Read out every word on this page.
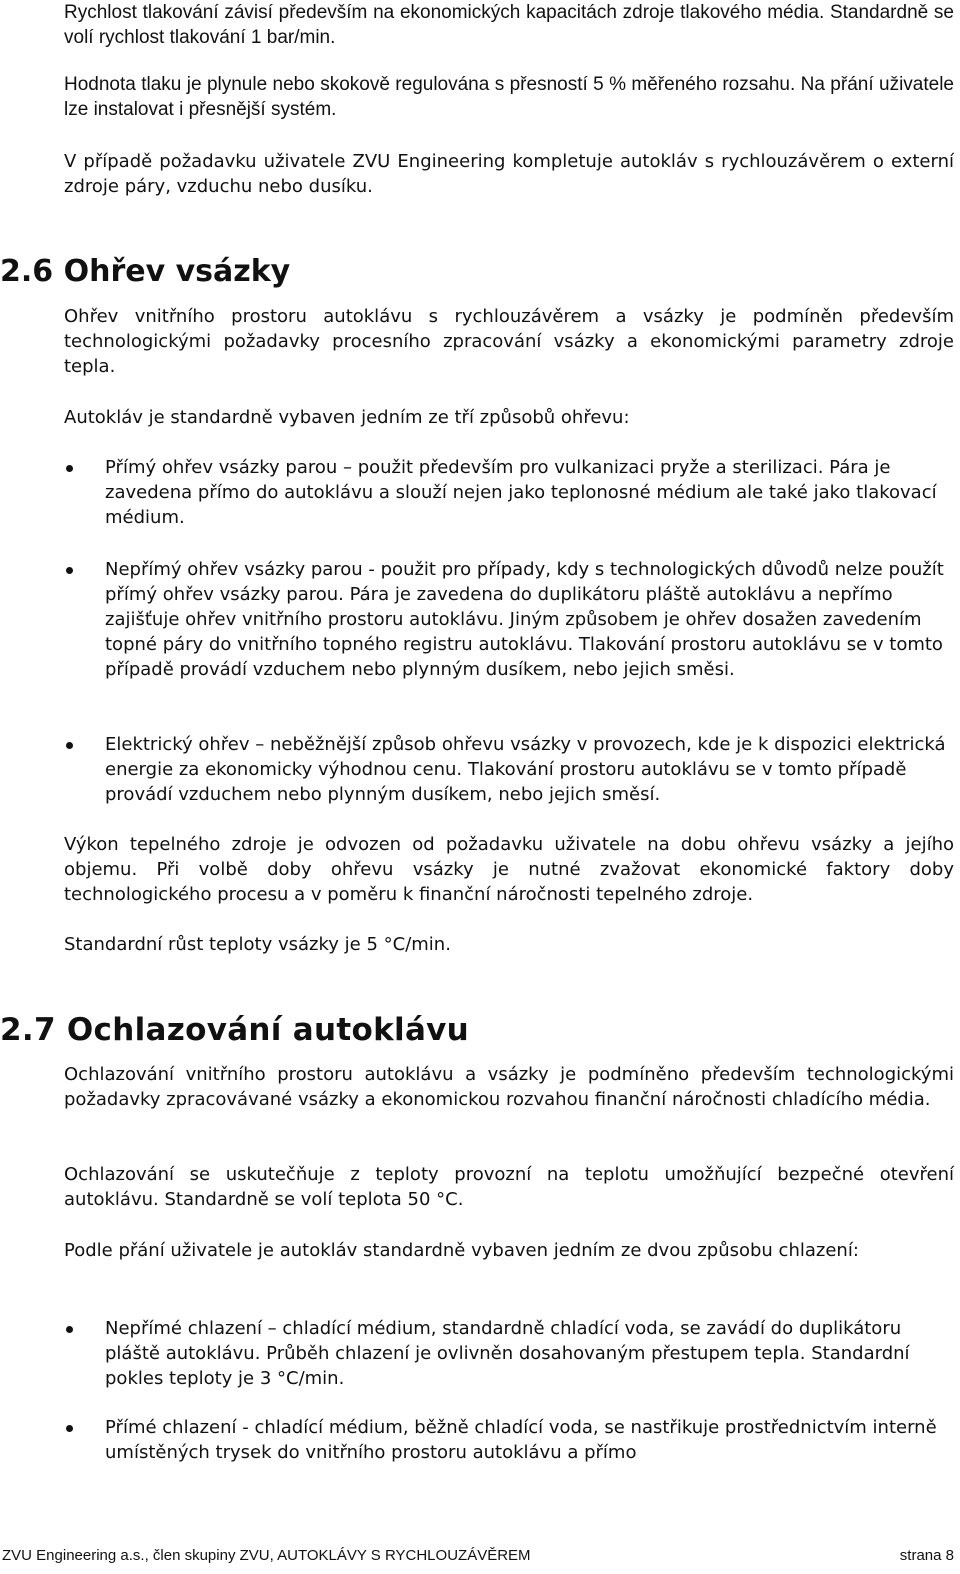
Rychlost tlakování závisí především na ekonomických kapacitách zdroje tlakového média. Standardně se volí rychlost tlakování 1 bar/min.

Hodnota tlaku je plynule nebo skokově regulována s přesností 5 % měřeného rozsahu. Na přání uživatele lze instalovat i přesnější systém.

V případě požadavku uživatele ZVU Engineering kompletuje autokláv s rychlouzávěrem o externí zdroje páry, vzduchu nebo dusíku.

2.6 Ohřev vsázky

Ohřev vnitřního prostoru autoklávu s rychlouzávěrem a vsázky je podmíněn především technologickými požadavky procesního zpracování vsázky a ekonomickými parametry zdroje tepla.

Autokláv je standardně vybaven jedním ze tří způsobů ohřevu:

Přímý ohřev vsázky parou – použit především pro vulkanizaci pryže a sterilizaci. Pára je zavedena přímo do autoklávu a slouží nejen jako teplonosné médium ale také jako tlakovací médium.

Nepřímý ohřev vsázky parou - použit pro případy, kdy s technologických důvodů nelze použít přímý ohřev vsázky parou. Pára je zavedena do duplikátoru pláště autoklávu a nepřímo zajišťuje ohřev vnitřního prostoru autoklávu. Jiným způsobem je ohřev dosažen zavedením topné páry do vnitřního topného registru autoklávu. Tlakování prostoru autoklávu se v tomto případě provádí vzduchem nebo plynným dusíkem, nebo jejich směsi.

Elektrický ohřev – neběžnější způsob ohřevu vsázky v provozech, kde je k dispozici elektrická energie za ekonomicky výhodnou cenu. Tlakování prostoru autoklávu se v tomto případě provádí vzduchem nebo plynným dusíkem, nebo jejich směsí.

Výkon tepelného zdroje je odvozen od požadavku uživatele na dobu ohřevu vsázky a jejího objemu. Při volbě doby ohřevu vsázky je nutné zvažovat ekonomické faktory doby technologického procesu a v poměru k finanční náročnosti tepelného zdroje.

Standardní růst teploty vsázky je 5 °C/min.

2.7 Ochlazování autoklávu

Ochlazování vnitřního prostoru autoklávu a vsázky je podmíněno především technologickými požadavky zpracovávané vsázky a ekonomickou rozvahou finanční náročnosti chladícího média.

Ochlazování se uskutečňuje z teploty provozní na teplotu umožňující bezpečné otevření autoklávu. Standardně se volí teplota 50 °C.

Podle přání uživatele je autokláv standardně vybaven jedním ze dvou způsobu chlazení:

Nepřímé chlazení – chladící médium, standardně chladící voda, se zavádí do duplikátoru pláště autoklávu. Průběh chlazení je ovlivněn dosahovaným přestupem tepla. Standardní pokles teploty je 3 °C/min.

Přímé chlazení - chladící médium, běžně chladící voda, se nastřikuje prostřednictvím interně umístěných trysek do vnitřního prostoru autoklávu a přímo

ZVU Engineering a.s., člen skupiny ZVU, AUTOKLÁVY S RYCHLOUZÁVĚREM	strana 8
